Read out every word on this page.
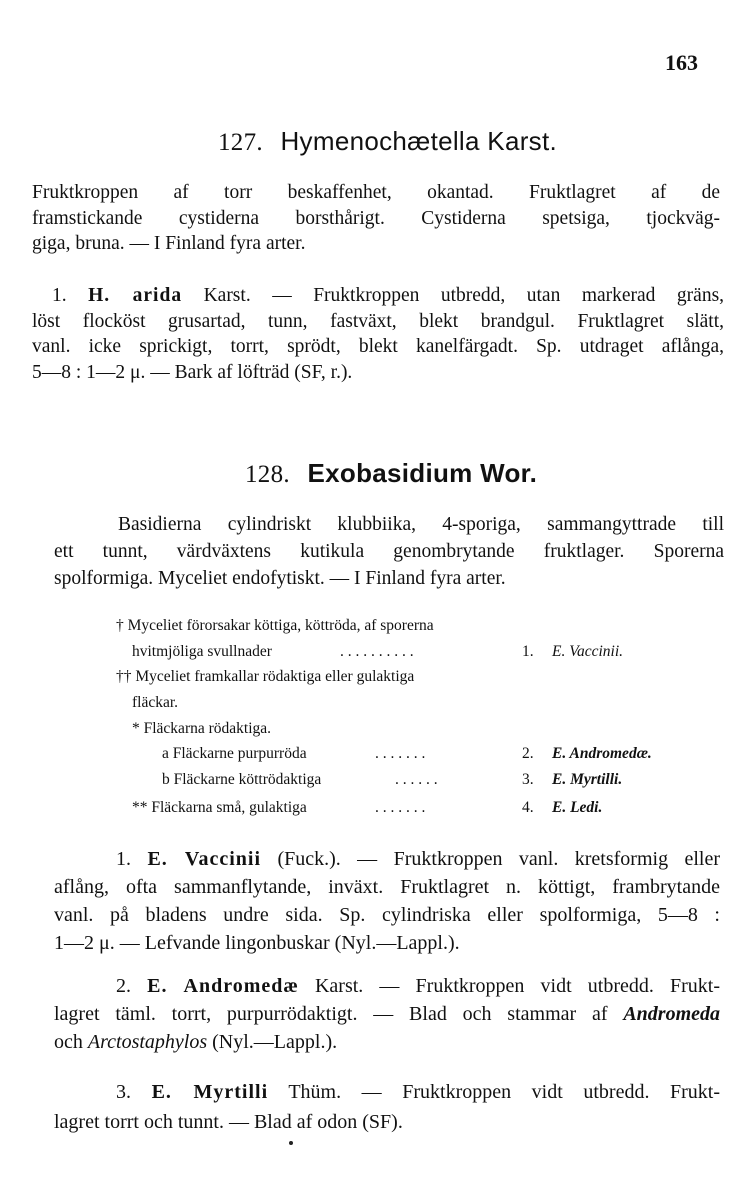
163
127. Hymenochætella Karst.
Fruktkroppen af torr beskaffenhet, okantad. Fruktlagret af de
framstickande cystiderna borsthårigt. Cystiderna spetsiga, tjockväg-
giga, bruna. — I Finland fyra arter.
1. H. arida Karst. — Fruktkroppen utbredd, utan markerad gräns,
löst flocköst grusartad, tunn, fastväxt, blekt brandgul. Fruktlagret slätt,
vanl. icke sprickigt, torrt, sprödt, blekt kanelfärgadt. Sp. utdraget aflånga,
5—8 : 1—2 μ. — Bark af löfträd (SF, r.).
128. Exobasidium Wor.
Basidierna cylindriskt klubbiika, 4-sporiga, sammangyttrade till
ett tunnt, värdväxtens kutikula genombrytande fruktlager. Sporerna
spolformiga. Myceliet endofytiskt. — I Finland fyra arter.
† Myceliet förorsakar köttiga, köttröda, af sporerna
hvitmjöliga svullnader	. . . . . . . . . .	1. E. Vaccinii.
†† Myceliet framkallar rödaktiga eller gulaktiga
fläckar.
* Fläckarna rödaktiga.
a Fläckarne purpurröda	. . . . . . .	2. E. Andromedæ.
b Fläckarne köttrödaktiga	. . . . . .	3. E. Myrtilli.
** Fläckarna små, gulaktiga	. . . . . . .	4. E. Ledi.
1. E. Vaccinii (Fuck.). — Fruktkroppen vanl. kretsformig eller
aflång, ofta sammanflytande, inväxt. Fruktlagret n. köttigt, frambrytande
vanl. på bladens undre sida. Sp. cylindriska eller spolformiga, 5—8 :
1—2 μ. — Lefvande lingonbuskar (Nyl.—Lappl.).
2. E. Andromedæ Karst. — Fruktkroppen vidt utbredd. Frukt-
lagret täml. torrt, purpurrödaktigt. — Blad och stammar af Andromeda
och Arctostaphylos (Nyl.—Lappl.).
3. E. Myrtilli Thüm. — Fruktkroppen vidt utbredd. Frukt-
lagret torrt och tunnt. — Blad af odon (SF).
